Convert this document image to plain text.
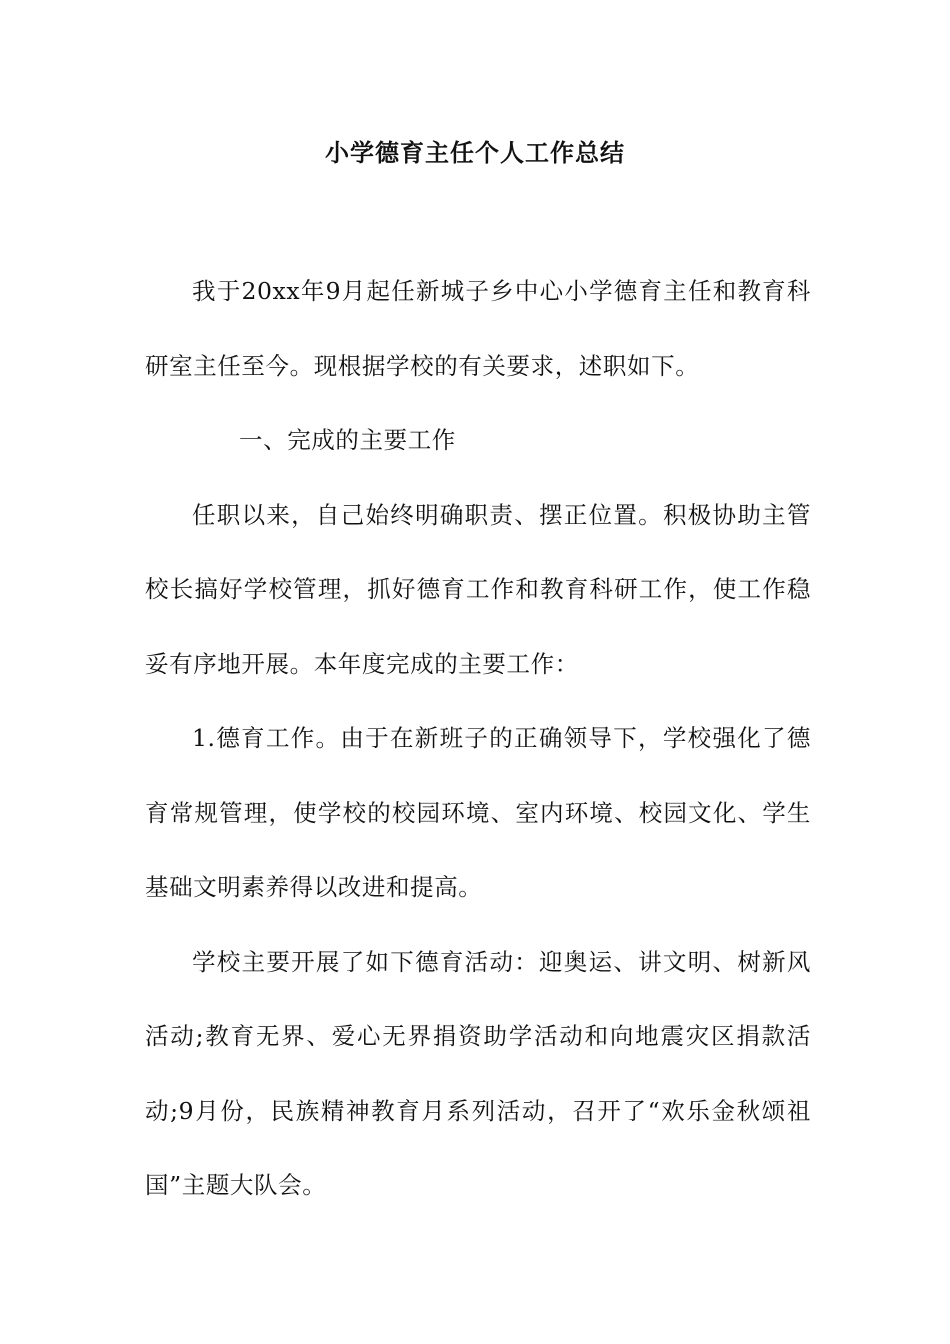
小学德育主任个人工作总结

我于20xx年9月起任新城子乡中心小学德育主任和教育科研室主任至今。现根据学校的有关要求，述职如下。

一、完成的主要工作

任职以来，自己始终明确职责、摆正位置。积极协助主管校长搞好学校管理，抓好德育工作和教育科研工作，使工作稳妥有序地开展。本年度完成的主要工作：

1.德育工作。由于在新班子的正确领导下，学校强化了德育常规管理，使学校的校园环境、室内环境、校园文化、学生基础文明素养得以改进和提高。

学校主要开展了如下德育活动：迎奥运、讲文明、树新风活动;教育无界、爱心无界捐资助学活动和向地震灾区捐款活动;9月份，民族精神教育月系列活动，召开了“欢乐金秋颂祖国”主题大队会。
